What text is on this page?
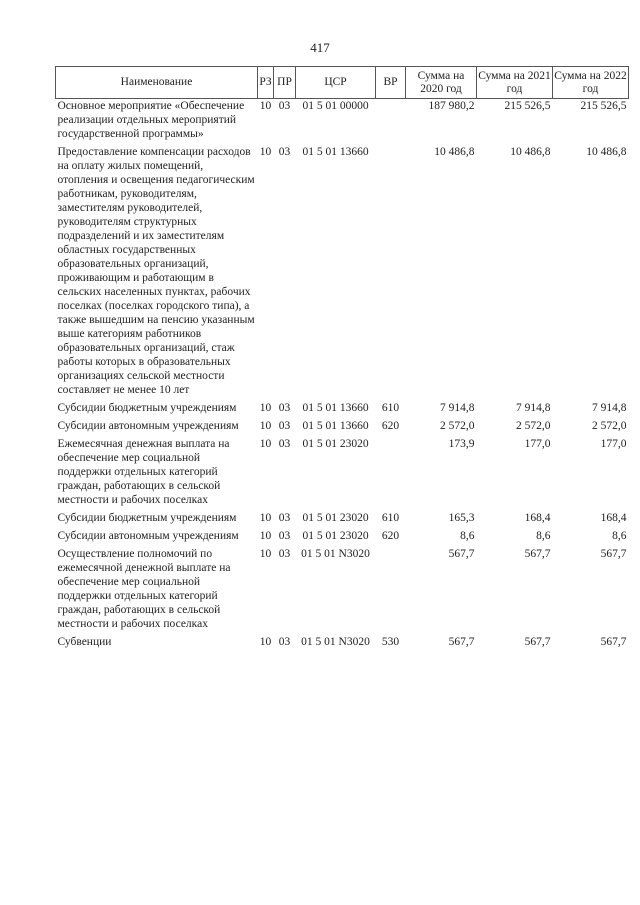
417
Наименование	РЗ	ПР	ЦСР	ВР	Сумма на 2020 год	Сумма на 2021 год	Сумма на 2022 год
Основное мероприятие «Обеспечение реализации отдельных мероприятий государственной программы»	10	03	01 5 01 00000		187 980,2	215 526,5	215 526,5
Предоставление компенсации расходов на оплату жилых помещений, отопления и освещения педагогическим работникам, руководителям, заместителям руководителей, руководителям структурных подразделений и их заместителям областных государственных образовательных организаций, проживающим и работающим в сельских населенных пунктах, рабочих поселках (поселках городского типа), а также вышедшим на пенсию указанным выше категориям работников образовательных организаций, стаж работы которых в образовательных организациях сельской местности составляет не менее 10 лет	10	03	01 5 01 13660		10 486,8	10 486,8	10 486,8
Субсидии бюджетным учреждениям	10	03	01 5 01 13660	610	7 914,8	7 914,8	7 914,8
Субсидии автономным учреждениям	10	03	01 5 01 13660	620	2 572,0	2 572,0	2 572,0
Ежемесячная денежная выплата на обеспечение мер социальной поддержки отдельных категорий граждан, работающих в сельской местности и рабочих поселках	10	03	01 5 01 23020		173,9	177,0	177,0
Субсидии бюджетным учреждениям	10	03	01 5 01 23020	610	165,3	168,4	168,4
Субсидии автономным учреждениям	10	03	01 5 01 23020	620	8,6	8,6	8,6
Осуществление полномочий по ежемесячной денежной выплате на обеспечение мер социальной поддержки отдельных категорий граждан, работающих в сельской местности и рабочих поселках	10	03	01 5 01 N3020		567,7	567,7	567,7
Субвенции	10	03	01 5 01 N3020	530	567,7	567,7	567,7
